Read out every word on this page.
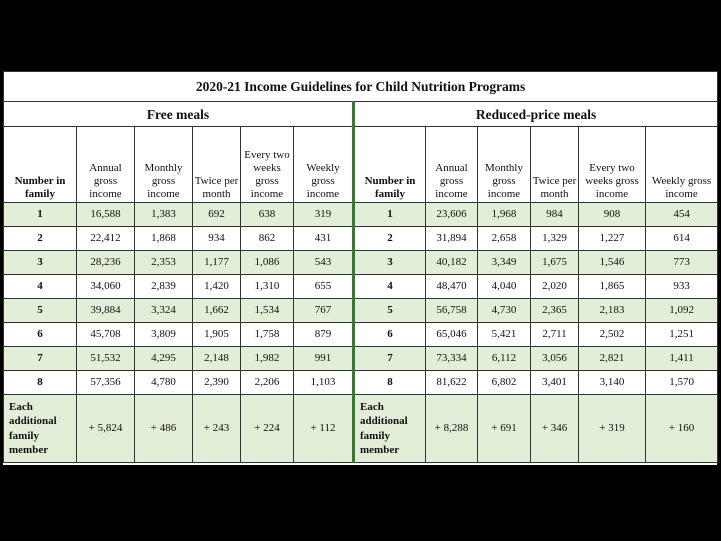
2020-21 Income Guidelines for Child Nutrition Programs											
Free meals						Reduced-price meals					
Number in family	Annual gross income	Monthly gross income	Twice per month	Every two weeks gross income	Weekly gross income	Number in family	Annual gross income	Monthly gross income	Twice per month	Every two weeks gross income	Weekly gross income
1	16,588	1,383	692	638	319	1	23,606	1,968	984	908	454
2	22,412	1,868	934	862	431	2	31,894	2,658	1,329	1,227	614
3	28,236	2,353	1,177	1,086	543	3	40,182	3,349	1,675	1,546	773
4	34,060	2,839	1,420	1,310	655	4	48,470	4,040	2,020	1,865	933
5	39,884	3,324	1,662	1,534	767	5	56,758	4,730	2,365	2,183	1,092
6	45,708	3,809	1,905	1,758	879	6	65,046	5,421	2,711	2,502	1,251
7	51,532	4,295	2,148	1,982	991	7	73,334	6,112	3,056	2,821	1,411
8	57,356	4,780	2,390	2,206	1,103	8	81,622	6,802	3,401	3,140	1,570
Each additional family member	+ 5,824	+ 486	+ 243	+ 224	+ 112	Each additional family member	+ 8,288	+ 691	+ 346	+ 319	+ 160
